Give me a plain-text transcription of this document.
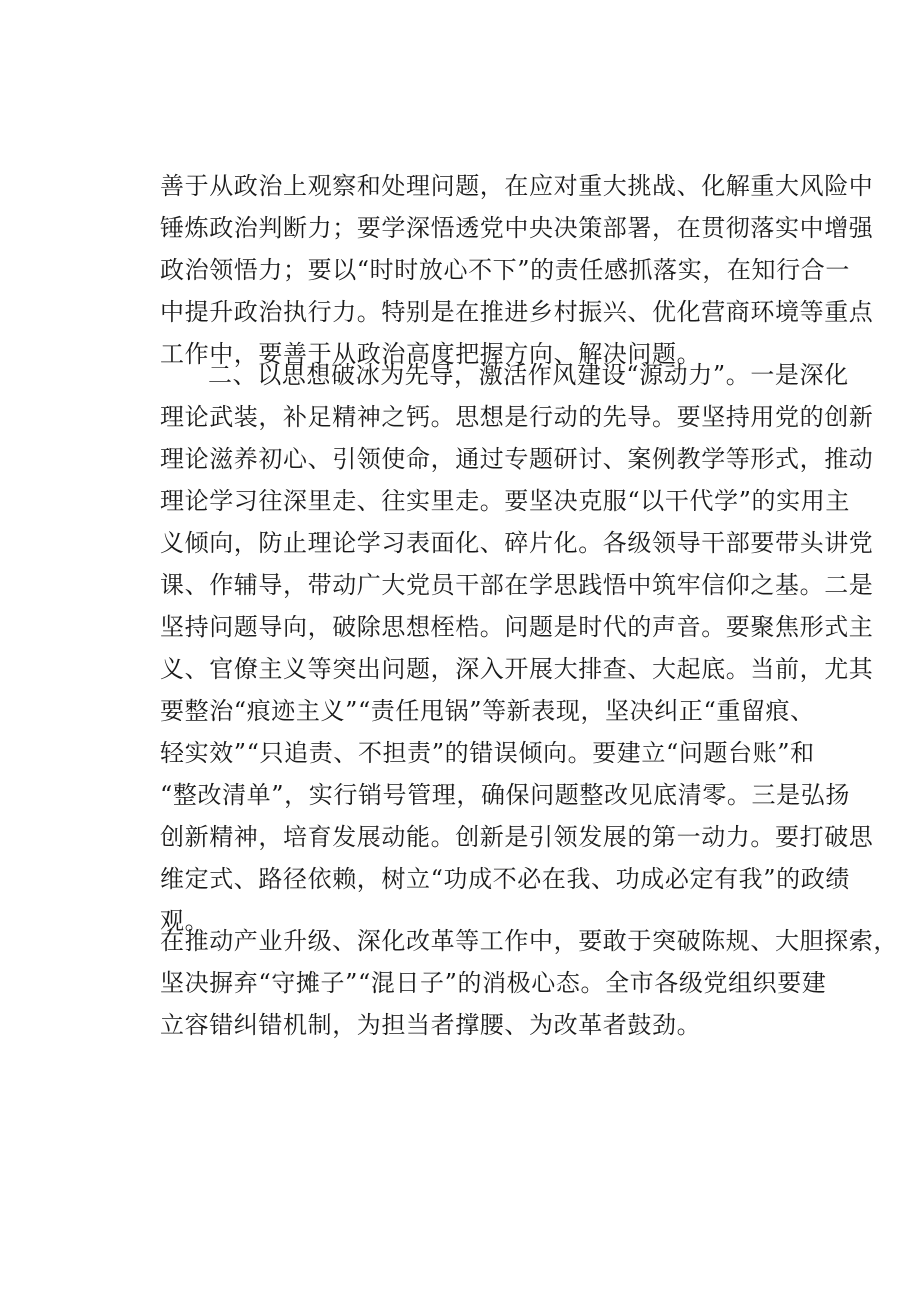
善于从政治上观察和处理问题，在应对重大挑战、化解重大风险中
锤炼政治判断力；要学深悟透党中央决策部署，在贯彻落实中增强
政治领悟力；要以“时时放心不下”的责任感抓落实，在知行合一
中提升政治执行力。特别是在推进乡村振兴、优化营商环境等重点
工作中，要善于从政治高度把握方向、解决问题。
二、以思想破冰为先导，激活作风建设“源动力”。一是深化
理论武装，补足精神之钙。思想是行动的先导。要坚持用党的创新
理论滋养初心、引领使命，通过专题研讨、案例教学等形式，推动
理论学习往深里走、往实里走。要坚决克服“以干代学”的实用主
义倾向，防止理论学习表面化、碎片化。各级领导干部要带头讲党
课、作辅导，带动广大党员干部在学思践悟中筑牢信仰之基。二是
坚持问题导向，破除思想桎梏。问题是时代的声音。要聚焦形式主
义、官僚主义等突出问题，深入开展大排查、大起底。当前，尤其
要整治“痕迹主义”“责任甩锅”等新表现，坚决纠正“重留痕、
轻实效”“只追责、不担责”的错误倾向。要建立“问题台账”和
“整改清单”，实行销号管理，确保问题整改见底清零。三是弘扬
创新精神，培育发展动能。创新是引领发展的第一动力。要打破思
维定式、路径依赖，树立“功成不必在我、功成必定有我”的政绩
观。
在推动产业升级、深化改革等工作中，要敢于突破陈规、大胆探索，
坚决摒弃“守摊子”“混日子”的消极心态。全市各级党组织要建
立容错纠错机制，为担当者撑腰、为改革者鼓劲。
